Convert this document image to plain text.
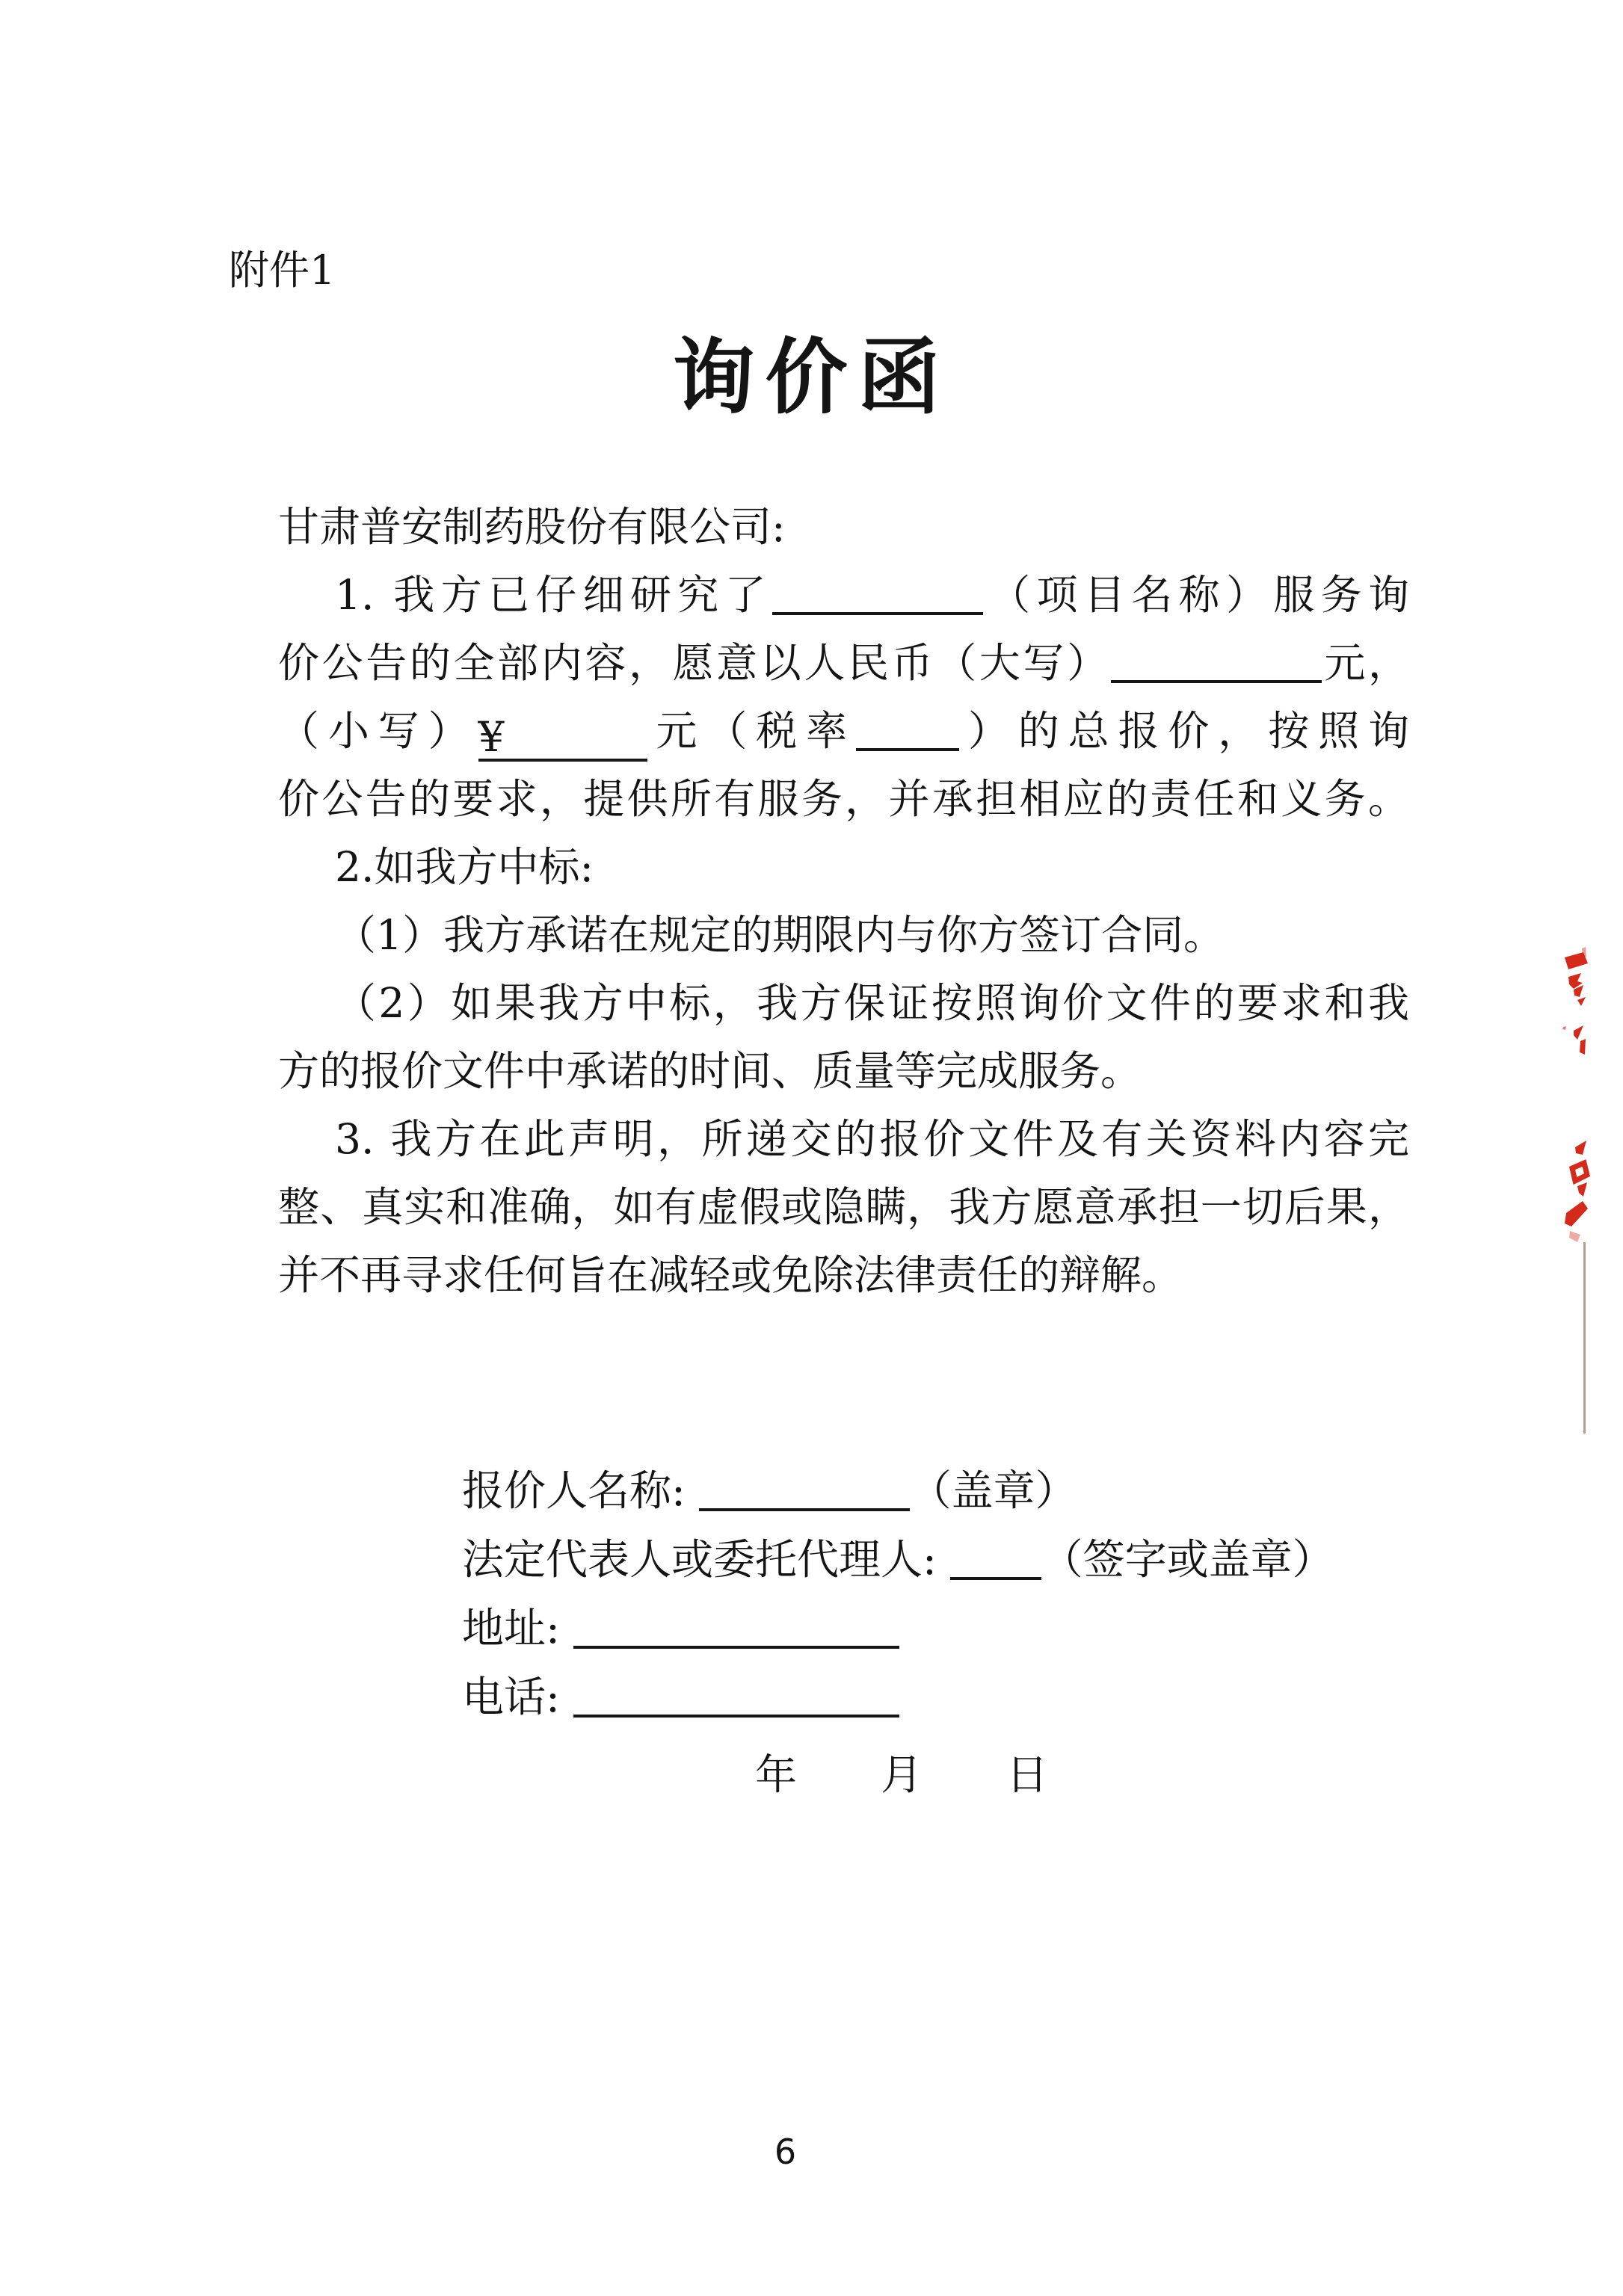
附件1
询价函
甘肃普安制药股份有限公司:
1. 我方已仔细研究了	（项目名称）服务询
价公告的全部内容，愿意以人民币（大写）	元，
（小写）¥	元（税率	）的总报价，按照询
价公告的要求，提供所有服务，并承担相应的责任和义务。
2.如我方中标:
（1）我方承诺在规定的期限内与你方签订合同。
（2）如果我方中标，我方保证按照询价文件的要求和我
方的报价文件中承诺的时间、质量等完成服务。
3. 我方在此声明，所递交的报价文件及有关资料内容完
整、真实和准确，如有虚假或隐瞒，我方愿意承担一切后果，
并不再寻求任何旨在减轻或免除法律责任的辩解。
报价人名称:	（盖章）
法定代表人或委托代理人: （签字或盖章）
地址:
电话:
年 月 日
6
